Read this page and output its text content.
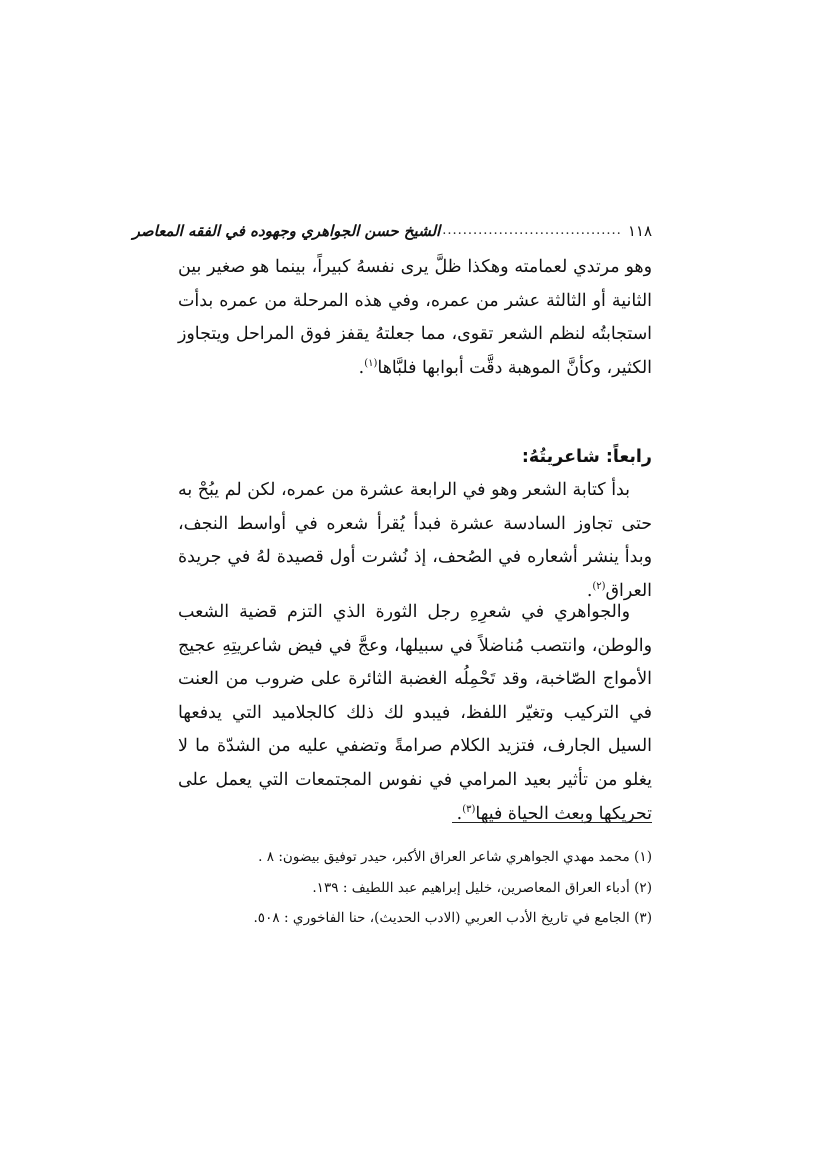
١١٨
...................................
الشيخ حسن الجواهري وجهوده في الفقه المعاصر

وهو مرتدي لعمامته وهكذا ظلَّ يرى نفسهُ كبيراً، بينما هو صغير بين الثانية أو الثالثة عشر من عمره، وفي هذه المرحلة من عمره بدأت استجابتُه لنظم الشعر تقوى، مما جعلتهُ يقفز فوق المراحل ويتجاوز الكثير، وكأنَّ الموهبة دقَّت أبوابها فلبَّاها$^{(١)}$.

رابعاً: شاعريتُهُ:

بدأ كتابة الشعر وهو في الرابعة عشرة من عمره، لكن لم يبُحْ به حتى تجاوز السادسة عشرة فبدأ يُقرأ شعره في أواسط النجف، وبدأ ينشر أشعاره في الصُحف، إذ نُشرت أول قصيدة لهُ في جريدة العراق$^{(٢)}$.

والجواهري في شعرِهِ رجل الثورة الذي التزم قضية الشعب والوطن، وانتصب مُناضلاً في سبيلها، وعجَّ في فيض شاعريتِهِ عجيج الأمواج الصّاخبة، وقد تَحْمِلُه الغضبة الثائرة على ضروب من العنت في التركيب وتغيّر اللفظ، فيبدو لك ذلك كالجلاميد التي يدفعها السيل الجارف، فتزيد الكلام صرامةً وتضفي عليه من الشدّة ما لا يغلو من تأثير بعيد المرامي في نفوس المجتمعات التي يعمل على تحريكها وبعث الحياة فيها$^{(٣)}$.

(١) محمد مهدي الجواهري شاعر العراق الأكبر، حيدر توفيق بيضون: ٨ .
(٢) أدباء العراق المعاصرين، خليل إبراهيم عبد اللطيف : ١٣٩.
(٣) الجامع في تاريخ الأدب العربي (الادب الحديث)، حنا الفاخوري : ٥٠٨.
